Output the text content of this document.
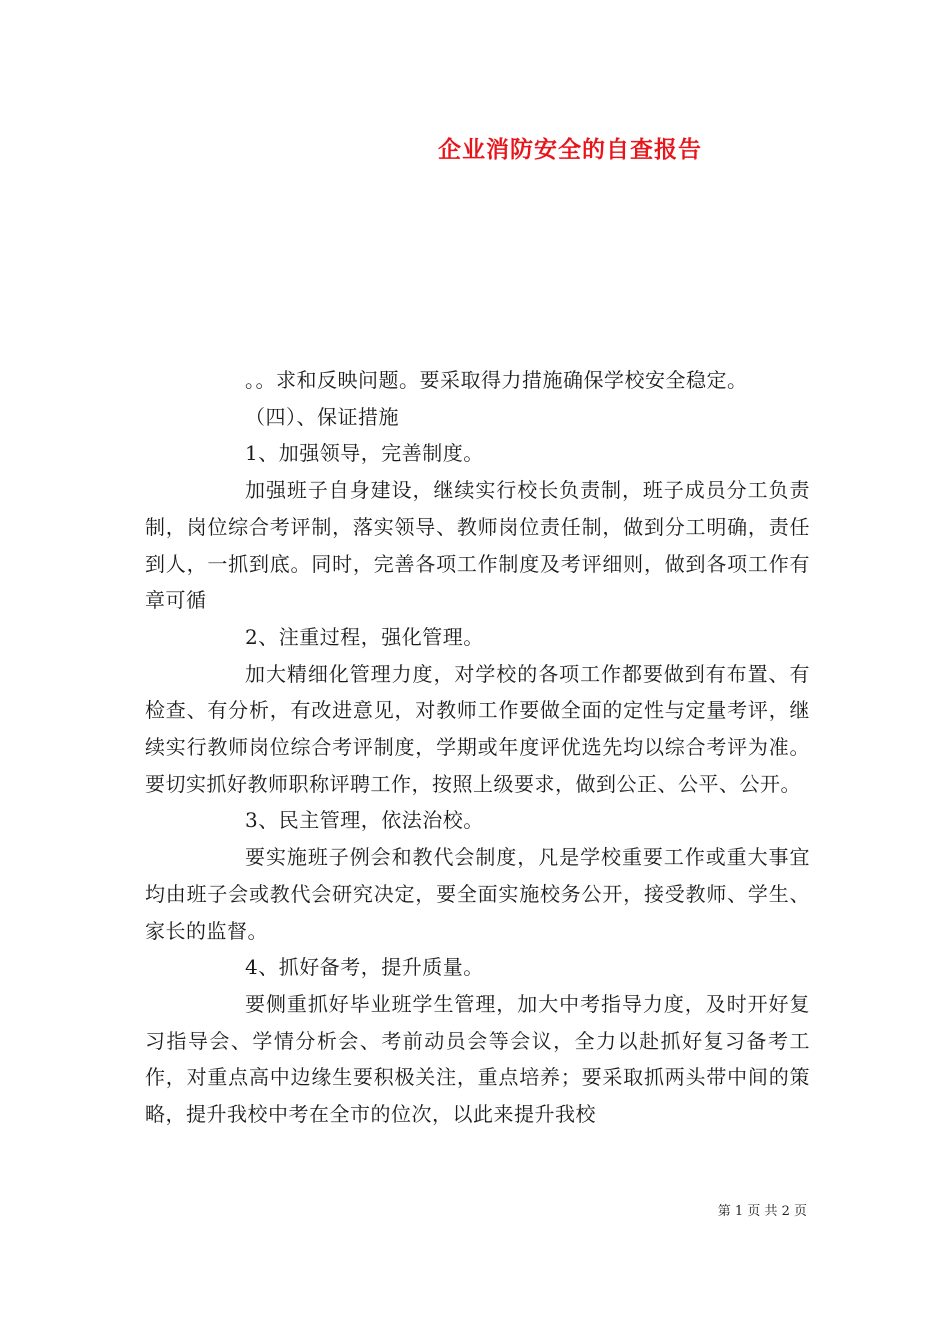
企业消防安全的自查报告

。。求和反映问题。要采取得力措施确保学校安全稳定。

（四）、保证措施

1、加强领导，完善制度。

加强班子自身建设，继续实行校长负责制，班子成员分工负责制，岗位综合考评制，落实领导、教师岗位责任制，做到分工明确，责任到人，一抓到底。同时，完善各项工作制度及考评细则，做到各项工作有章可循

2、注重过程，强化管理。

加大精细化管理力度，对学校的各项工作都要做到有布置、有检查、有分析，有改进意见，对教师工作要做全面的定性与定量考评，继续实行教师岗位综合考评制度，学期或年度评优选先均以综合考评为准。要切实抓好教师职称评聘工作，按照上级要求，做到公正、公平、公开。

3、民主管理，依法治校。

要实施班子例会和教代会制度，凡是学校重要工作或重大事宜均由班子会或教代会研究决定，要全面实施校务公开，接受教师、学生、家长的监督。

4、抓好备考，提升质量。

要侧重抓好毕业班学生管理，加大中考指导力度，及时开好复习指导会、学情分析会、考前动员会等会议，全力以赴抓好复习备考工作，对重点高中边缘生要积极关注，重点培养；要采取抓两头带中间的策略，提升我校中考在全市的位次，以此来提升我校

第 1 页 共 2 页
